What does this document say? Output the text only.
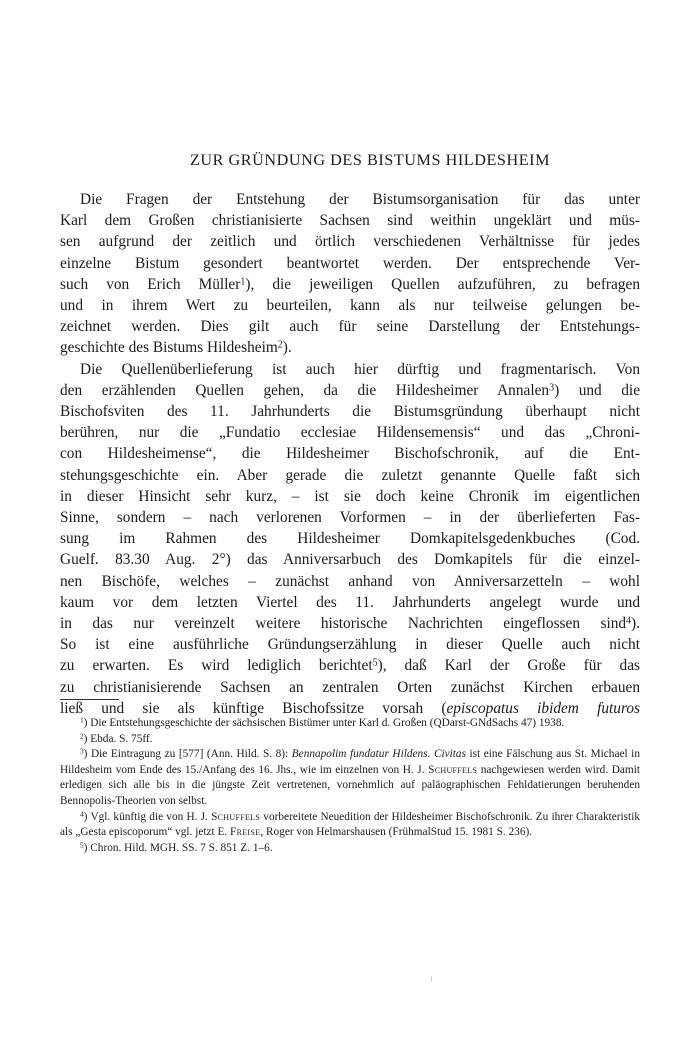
ZUR GRÜNDUNG DES BISTUMS HILDESHEIM

Die Fragen der Entstehung der Bistumsorganisation für das unter
Karl dem Großen christianisierte Sachsen sind weithin ungeklärt und müs-
sen aufgrund der zeitlich und örtlich verschiedenen Verhältnisse für jedes
einzelne Bistum gesondert beantwortet werden. Der entsprechende Ver-
such von Erich Müller$^1$), die jeweiligen Quellen aufzuführen, zu befragen
und in ihrem Wert zu beurteilen, kann als nur teilweise gelungen be-
zeichnet werden. Dies gilt auch für seine Darstellung der Entstehungs-
geschichte des Bistums Hildesheim$^2$).

Die Quellenüberlieferung ist auch hier dürftig und fragmentarisch. Von
den erzählenden Quellen gehen, da die Hildesheimer Annalen$^3$) und die
Bischofsviten des 11. Jahrhunderts die Bistumsgründung überhaupt nicht
berühren, nur die „Fundatio ecclesiae Hildensemensis“ und das „Chroni-
con Hildesheimense“, die Hildesheimer Bischofschronik, auf die Ent-
stehungsgeschichte ein. Aber gerade die zuletzt genannte Quelle faßt sich
in dieser Hinsicht sehr kurz, – ist sie doch keine Chronik im eigentlichen
Sinne, sondern – nach verlorenen Vorformen – in der überlieferten Fas-
sung im Rahmen des Hildesheimer Domkapitelsgedenkbuches (Cod.
Guelf. 83.30 Aug. 2°) das Anniversarbuch des Domkapitels für die einzel-
nen Bischöfe, welches – zunächst anhand von Anniversarzetteln – wohl
kaum vor dem letzten Viertel des 11. Jahrhunderts angelegt wurde und
in das nur vereinzelt weitere historische Nachrichten eingeflossen sind$^4$).
So ist eine ausführliche Gründungserzählung in dieser Quelle auch nicht
zu erwarten. Es wird lediglich berichtet$^5$), daß Karl der Große für das
zu christianisierende Sachsen an zentralen Orten zunächst Kirchen erbauen
ließ und sie als künftige Bischofssitze vorsah (episcopatus ibidem futuros

$^1$) Die Entstehungsgeschichte der sächsischen Bistümer unter Karl d. Großen (QDarst-GNdSachs 47) 1938.

$^2$) Ebda. S. 75ff.

$^3$) Die Eintragung zu [577] (Ann. Hild. S. 8): Bennapolim fundatur Hildens. Civitas ist eine Fälschung aus St. Michael in Hildesheim vom Ende des 15./Anfang des 16. Jhs., wie im einzelnen von H. J. Schuffels nachgewiesen werden wird. Damit erledigen sich alle bis in die jüngste Zeit vertretenen, vornehmlich auf paläographischen Fehldatierungen beruhenden Bennopolis-Theorien von selbst.

$^4$) Vgl. künftig die von H. J. Schuffels vorbereitete Neuedition der Hildesheimer Bischofschronik. Zu ihrer Charakteristik als „Gesta episcoporum“ vgl. jetzt E. Freise, Roger von Helmarshausen (FrühmalStud 15. 1981 S. 236).

$^5$) Chron. Hild. MGH. SS. 7 S. 851 Z. 1–6.
